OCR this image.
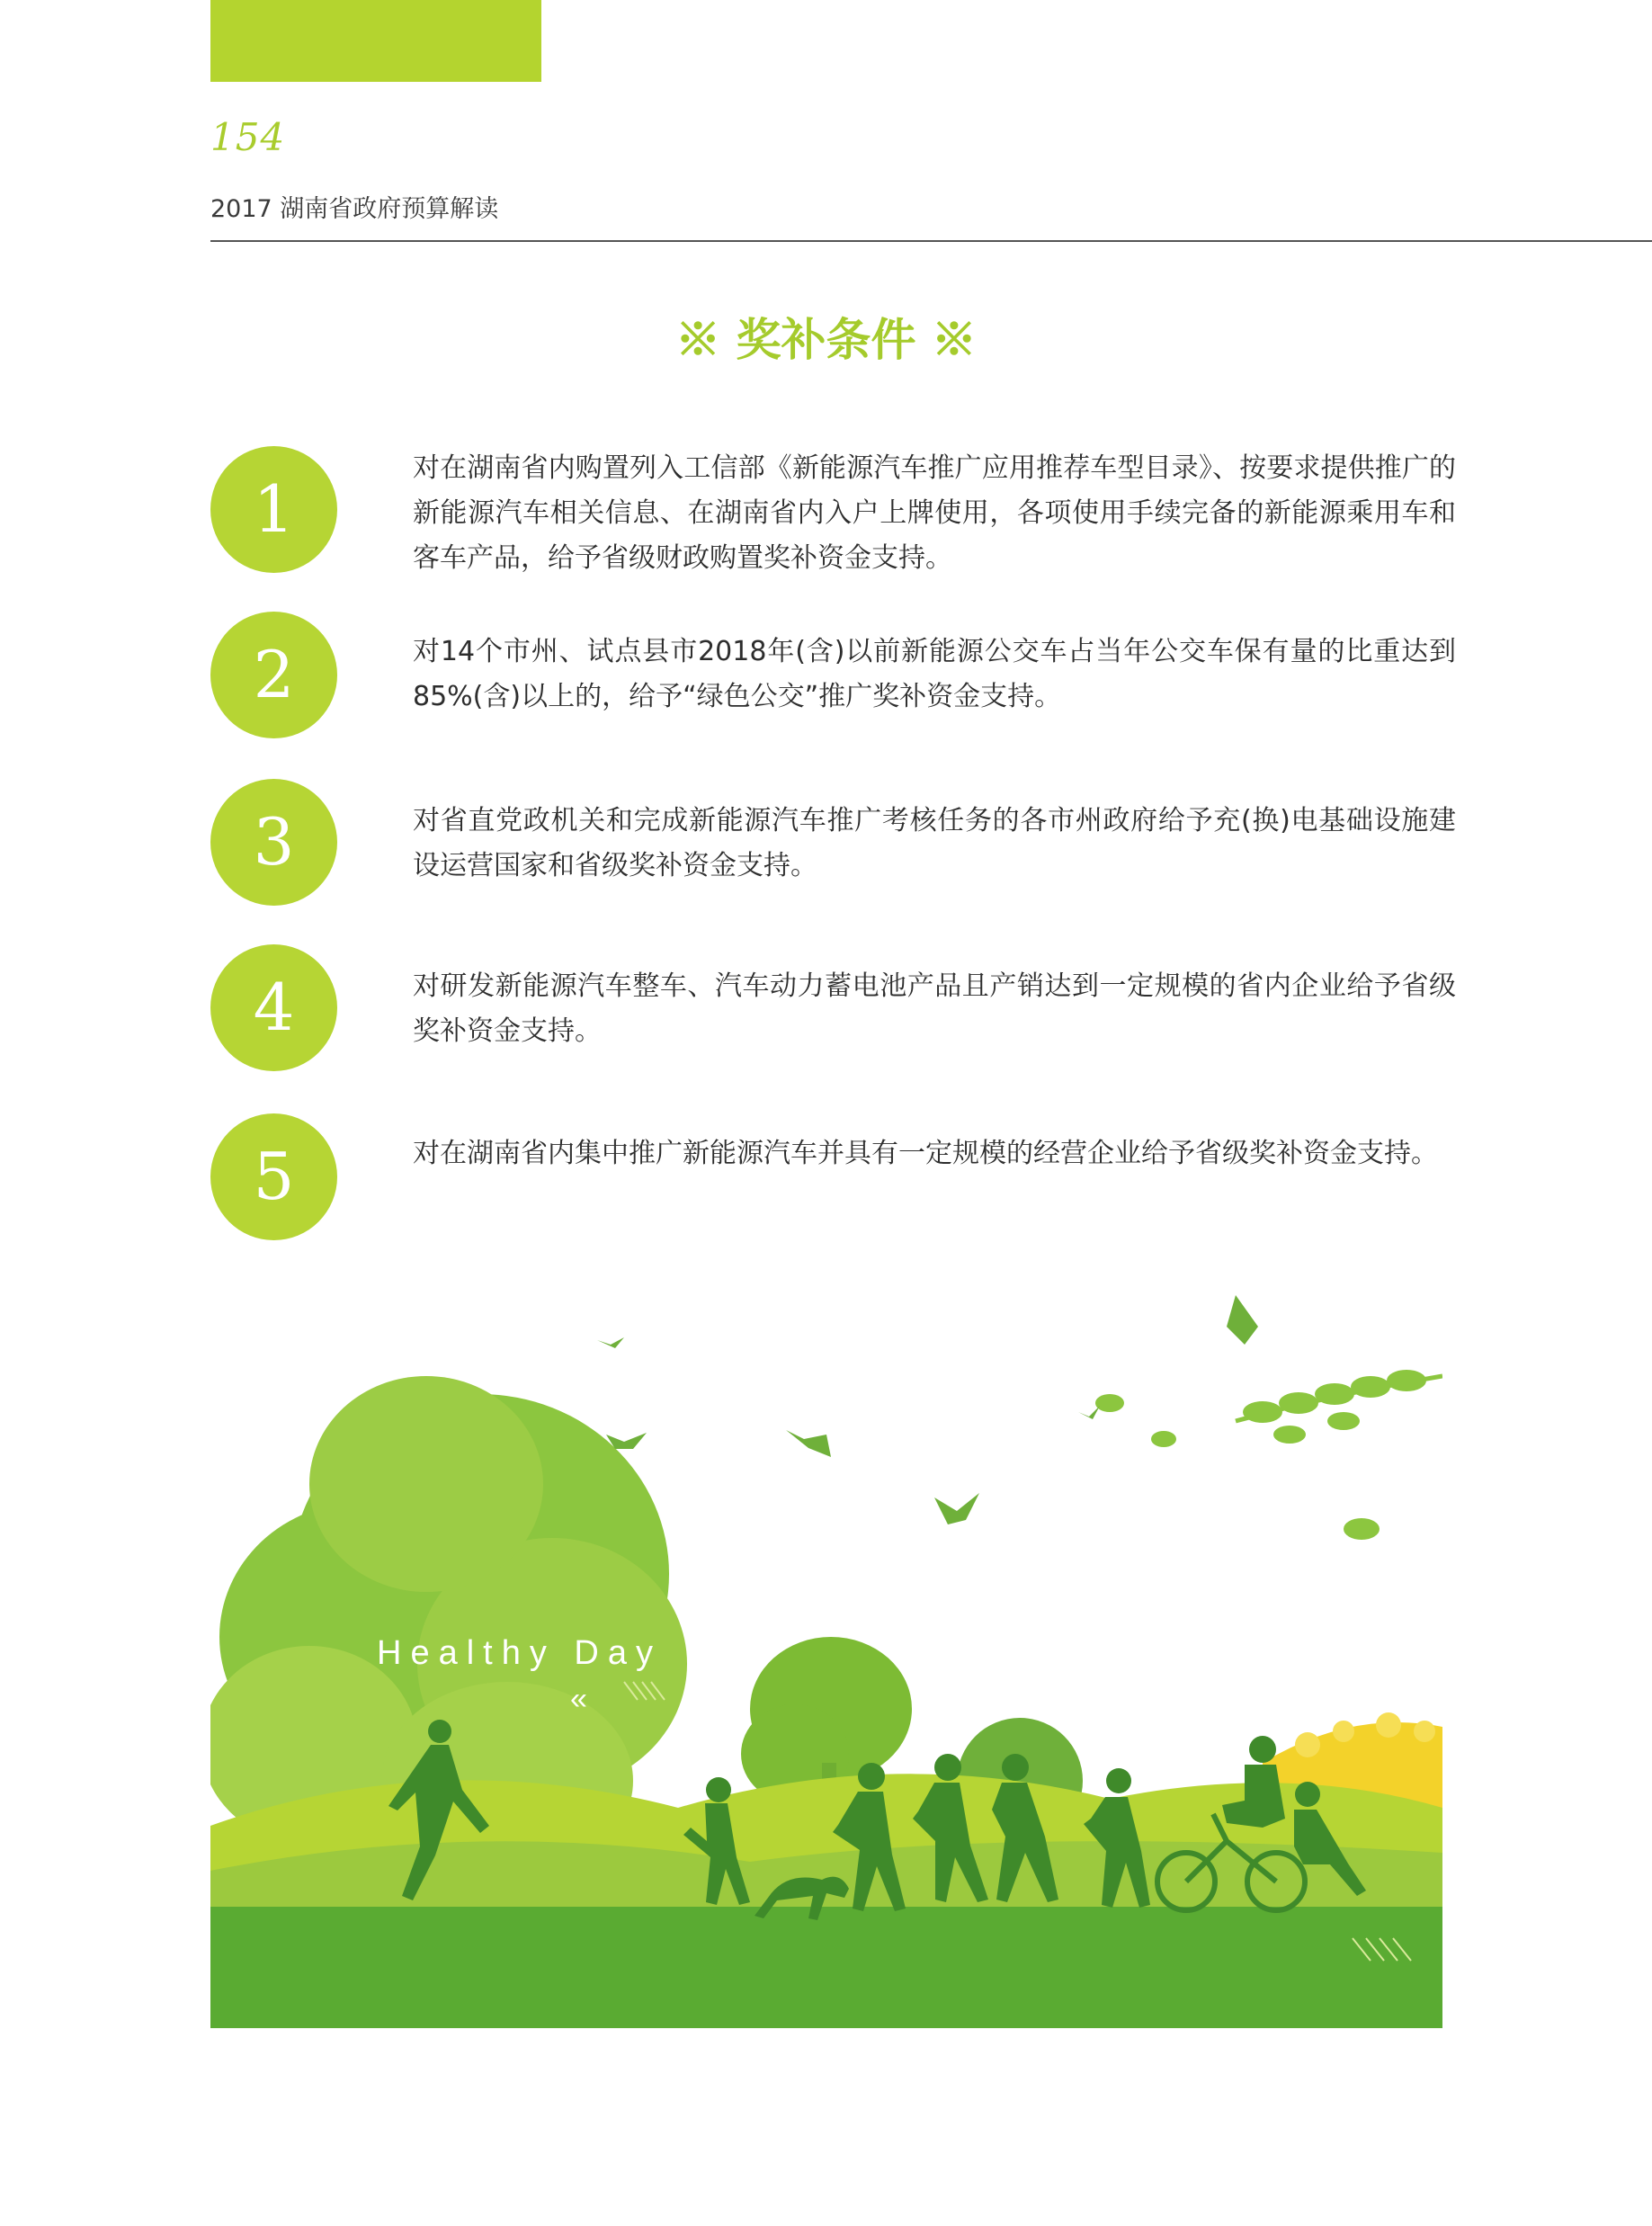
154
2017 湖南省政府预算解读
※ 奖补条件 ※
1
对在湖南省内购置列入工信部《新能源汽车推广应用推荐车型目录》、按要求提供推广的新能源汽车相关信息、在湖南省内入户上牌使用，各项使用手续完备的新能源乘用车和客车产品，给予省级财政购置奖补资金支持。
2	对14个市州、试点县市2018年(含)以前新能源公交车占当年公交车保有量的比重达到85%(含)以上的，给予“绿色公交”推广奖补资金支持。
3	对省直党政机关和完成新能源汽车推广考核任务的各市州政府给予充(换)电基础设施建设运营国家和省级奖补资金支持。
4	对研发新能源汽车整车、汽车动力蓄电池产品且产销达到一定规模的省内企业给予省级奖补资金支持。
5	对在湖南省内集中推广新能源汽车并具有一定规模的经营企业给予省级奖补资金支持。
Healthy Day
«
